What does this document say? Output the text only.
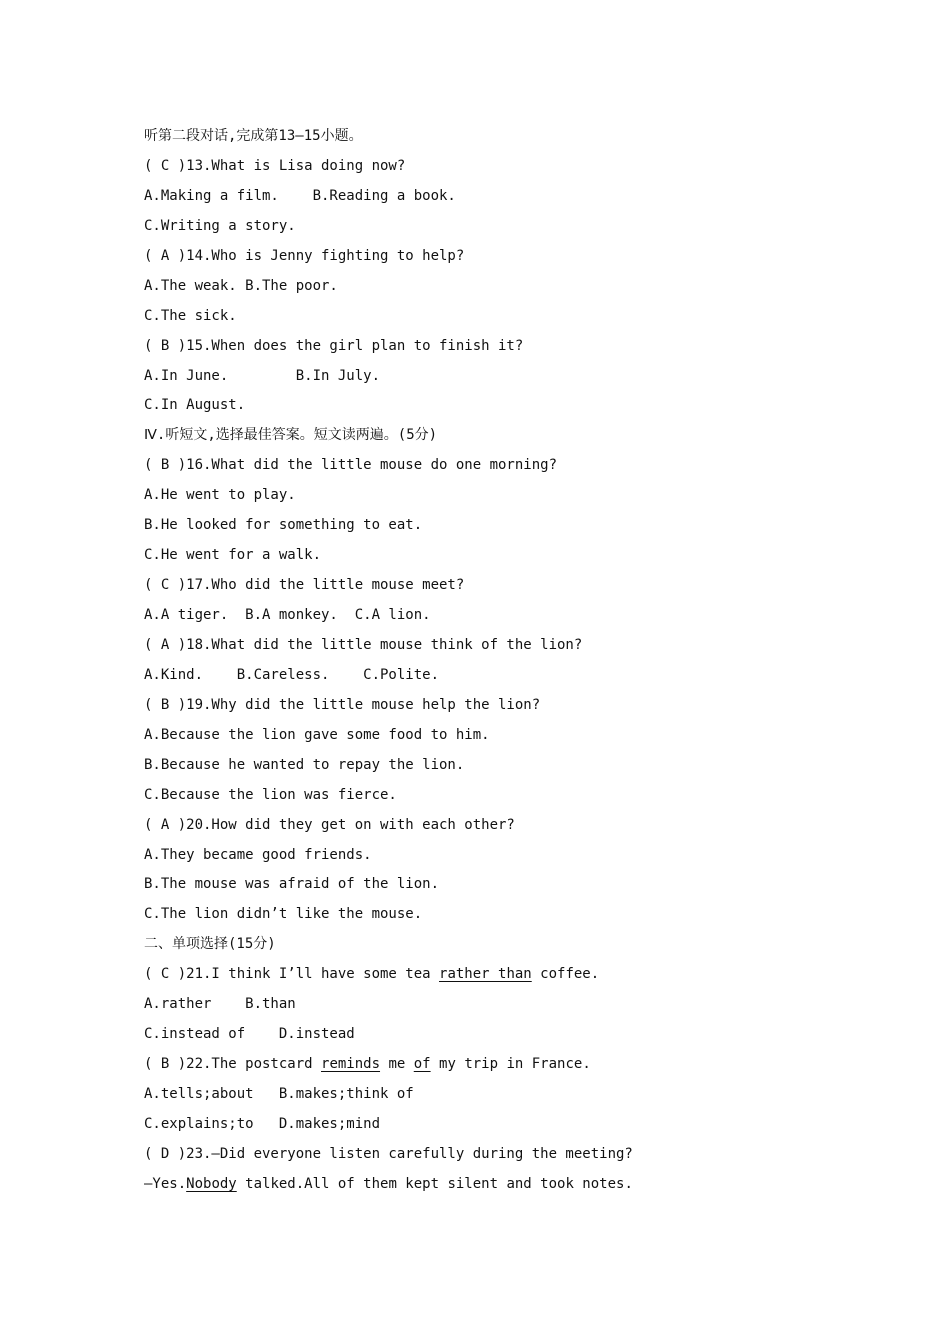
听第二段对话,完成第13—15小题。
( C )13.What is Lisa doing now?
A.Making a film.    B.Reading a book.
C.Writing a story.
( A )14.Who is Jenny fighting to help?
A.The weak. B.The poor.
C.The sick.
( B )15.When does the girl plan to finish it?
A.In June.        B.In July.
C.In August.
Ⅳ.听短文,选择最佳答案。短文读两遍。(5分)
( B )16.What did the little mouse do one morning?
A.He went to play.
B.He looked for something to eat.
C.He went for a walk.
( C )17.Who did the little mouse meet?
A.A tiger.  B.A monkey.  C.A lion.
( A )18.What did the little mouse think of the lion?
A.Kind.    B.Careless.    C.Polite.
( B )19.Why did the little mouse help the lion?
A.Because the lion gave some food to him.
B.Because he wanted to repay the lion.
C.Because the lion was fierce.
( A )20.How did they get on with each other?
A.They became good friends.
B.The mouse was afraid of the lion.
C.The lion didn’t like the mouse.
二、单项选择(15分)
( C )21.I think I’ll have some tea rather than coffee.
A.rather    B.than
C.instead of    D.instead
( B )22.The postcard reminds me of my trip in France.
A.tells;about   B.makes;think of
C.explains;to   D.makes;mind
( D )23.—Did everyone listen carefully during the meeting?
—Yes.Nobody talked.All of them kept silent and took notes.
